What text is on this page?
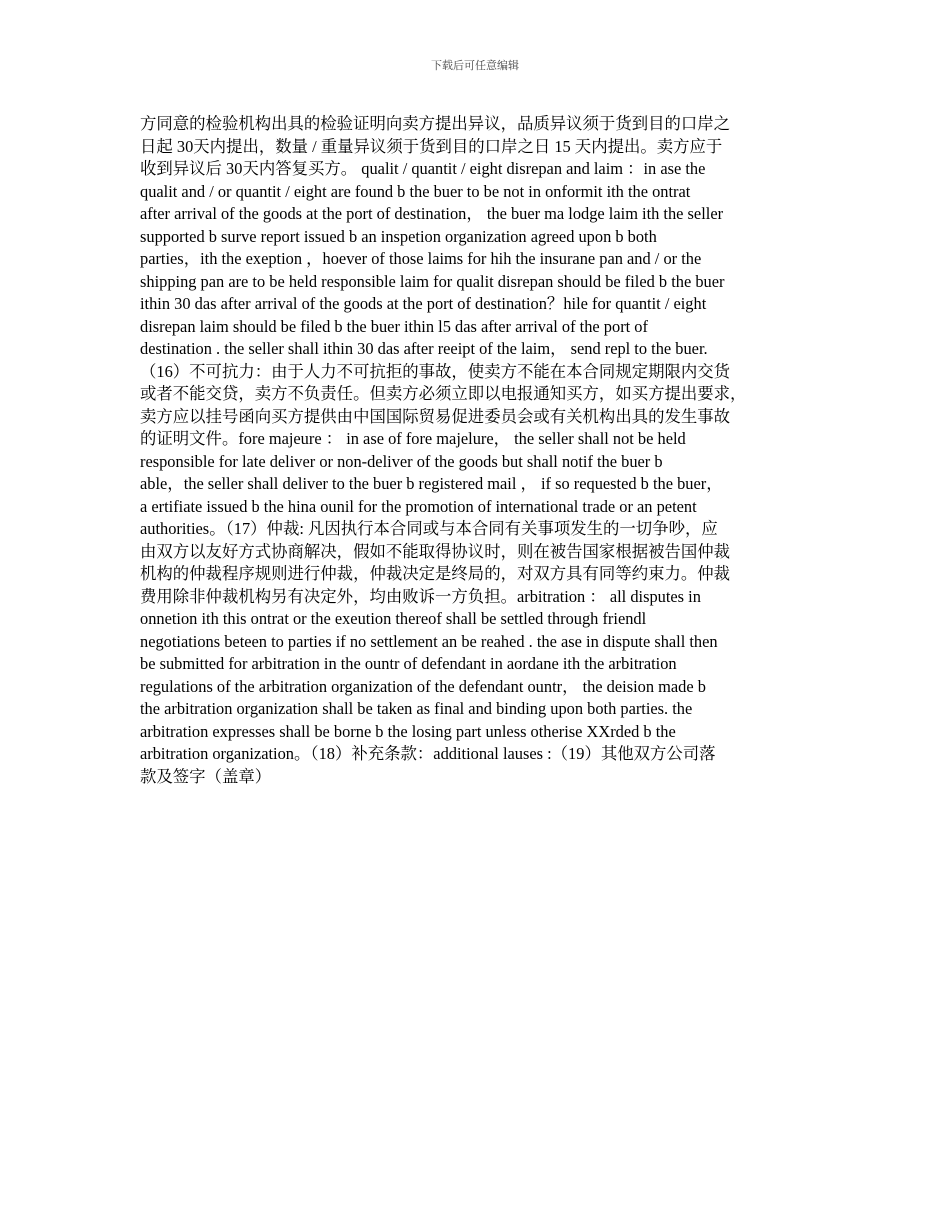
下载后可任意编辑
方同意的检验机构出具的检验证明向卖方提出异议，品质异议须于货到目的口岸之
日起 30天内提出，数量 / 重量异议须于货到目的口岸之日 15 天内提出。卖方应于
收到异议后 30天内答复买方。 qualit / quantit / eight disrepan and laim ：in ase the
qualit and / or quantit / eight are found b the buer to be not in onformit ith the ontrat
after arrival of the goods at the port of destination， the buer ma lodge laim ith the seller
supported b surve report issued b an inspetion organization agreed upon b both
parties，ith the exeption ，hoever of those laims for hih the insurane pan and / or the
shipping pan are to be held responsible laim for qualit disrepan should be filed b the buer
ithin 30 das after arrival of the goods at the port of destination？hile for quantit / eight
disrepan laim should be filed b the buer ithin l5 das after arrival of the port of
destination . the seller shall ithin 30 das after reeipt of the laim， send repl to the buer.
（16）不可抗力：由于人力不可抗拒的事故，使卖方不能在本合同规定期限内交货
或者不能交贷，卖方不负责任。但卖方必须立即以电报通知买方，如买方提出要求，
卖方应以挂号函向买方提供由中国国际贸易促进委员会或有关机构出具的发生事故
的证明文件。fore majeure ： in ase of fore majelure， the seller shall not be held
responsible for late deliver or non-deliver of the goods but shall notif the buer b
able，the seller shall deliver to the buer b registered mail ， if so requested b the buer，
a ertifiate issued b the hina ounil for the promotion of international trade or an petent
authorities。（17）仲裁: 凡因执行本合同或与本合同有关事项发生的一切争吵，应
由双方以友好方式协商解决，假如不能取得协议时，则在被告国家根据被告国仲裁
机构的仲裁程序规则进行仲裁，仲裁决定是终局的，对双方具有同等约束力。仲裁
费用除非仲裁机构另有决定外，均由败诉一方负担。arbitration ： all disputes in
onnetion ith this ontrat or the exeution thereof shall be settled through friendl
negotiations beteen to parties if no settlement an be reahed . the ase in dispute shall then
be submitted for arbitration in the ountr of defendant in aordane ith the arbitration
regulations of the arbitration organization of the defendant ountr， the deision made b
the arbitration organization shall be taken as final and binding upon both parties. the
arbitration expresses shall be borne b the losing part unless otherise XXrded b the
arbitration organization。（18）补充条款：additional lauses :（19）其他双方公司落
款及签字（盖章）
